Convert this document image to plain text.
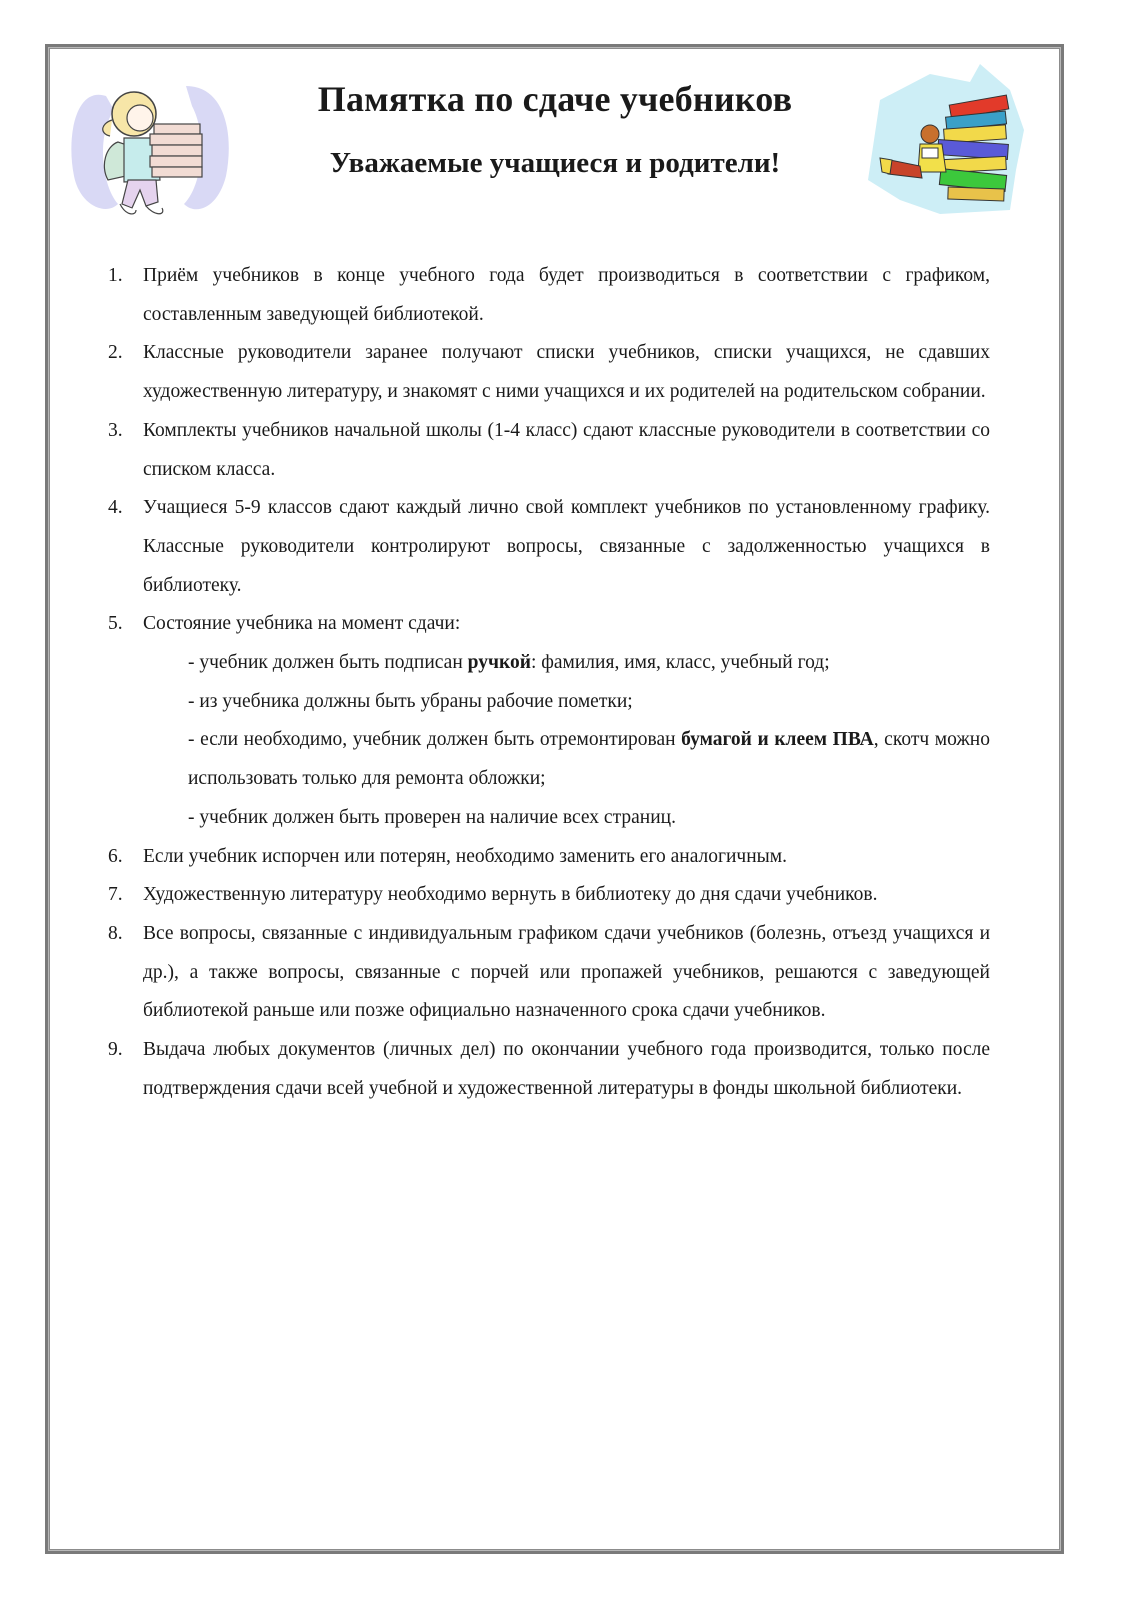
Памятка по сдаче учебников
Уважаемые учащиеся и родители!
1. Приём учебников в конце учебного года будет производиться в соответствии с графиком, составленным заведующей библиотекой.
2. Классные руководители заранее получают списки учебников, списки учащихся, не сдавших художественную литературу, и знакомят с ними учащихся и их родителей на родительском собрании.
3. Комплекты учебников начальной школы (1-4 класс) сдают классные руководители в соответствии со списком класса.
4. Учащиеся 5-9 классов сдают каждый лично свой комплект учебников по установленному графику. Классные руководители контролируют вопросы, связанные с задолженностью учащихся в библиотеку.
5. Состояние учебника на момент сдачи:
- учебник должен быть подписан ручкой: фамилия, имя, класс, учебный год;
- из учебника должны быть убраны рабочие пометки;
- если необходимо, учебник должен быть отремонтирован бумагой и клеем ПВА, скотч можно использовать только для ремонта обложки;
- учебник должен быть проверен на наличие всех страниц.
6. Если учебник испорчен или потерян, необходимо заменить его аналогичным.
7. Художественную литературу необходимо вернуть в библиотеку до дня сдачи учебников.
8. Все вопросы, связанные с индивидуальным графиком сдачи учебников (болезнь, отъезд учащихся и др.), а также вопросы, связанные с порчей или пропажей учебников, решаются с заведующей библиотекой раньше или позже официально назначенного срока сдачи учебников.
9. Выдача любых документов (личных дел) по окончании учебного года производится, только после подтверждения сдачи всей учебной и художественной литературы в фонды школьной библиотеки.
